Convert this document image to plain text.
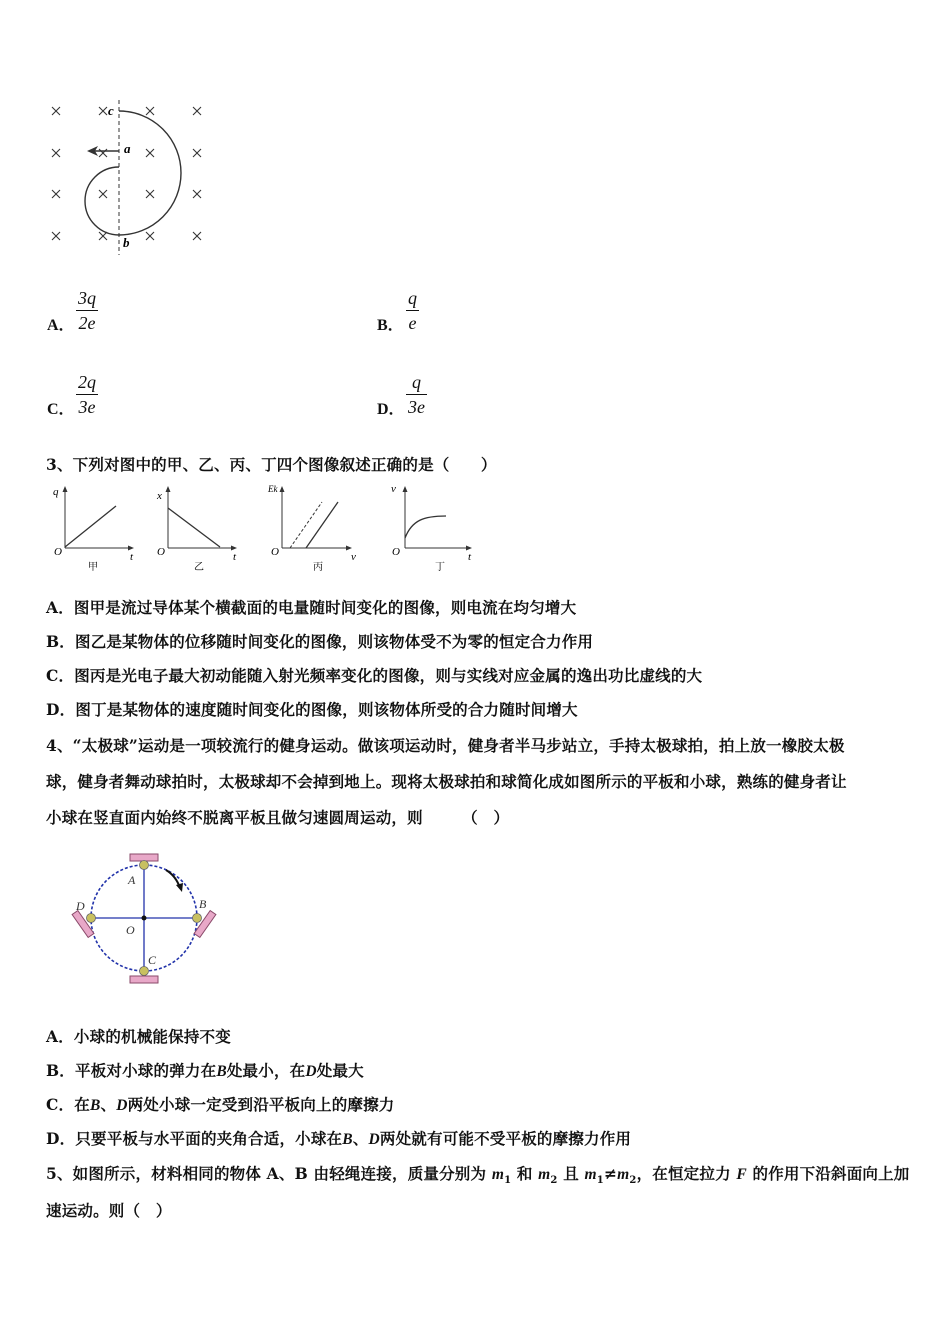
c
a
b
A．
3q
2e	B．
q
e
C．
2q
3e	D．
q
3e
3、下列对图中的甲、乙、丙、丁四个图像叙述正确的是（　　）
q
t
O
甲
x
t
O
乙
Ek
ν
O
丙
v
t
O
丁
A．图甲是流过导体某个横截面的电量随时间变化的图像，则电流在均匀增大
B．图乙是某物体的位移随时间变化的图像，则该物体受不为零的恒定合力作用
C．图丙是光电子最大初动能随入射光频率变化的图像，则与实线对应金属的逸出功比虚线的大
D．图丁是某物体的速度随时间变化的图像，则该物体所受的合力随时间增大
4、“太极球”运动是一项较流行的健身运动。做该项运动时，健身者半马步站立，手持太极球拍，拍上放一橡胶太极
球，健身者舞动球拍时，太极球却不会掉到地上。现将太极球拍和球简化成如图所示的平板和小球，熟练的健身者让
小球在竖直面内始终不脱离平板且做匀速圆周运动，则　　　（　）
A
B
C
D
O
A．小球的机械能保持不变
B．平板对小球的弹力在B处最小，在D处最大
C．在B、D两处小球一定受到沿平板向上的摩擦力
D．只要平板与水平面的夹角合适，小球在B、D两处就有可能不受平板的摩擦力作用
5、如图所示，材料相同的物体 A、B 由轻绳连接，质量分别为 $m_1$ 和 $m_2$ 且 $m_1\ne m_2$，在恒定拉力 F 的作用下沿斜面向上加
速运动。则（　）
